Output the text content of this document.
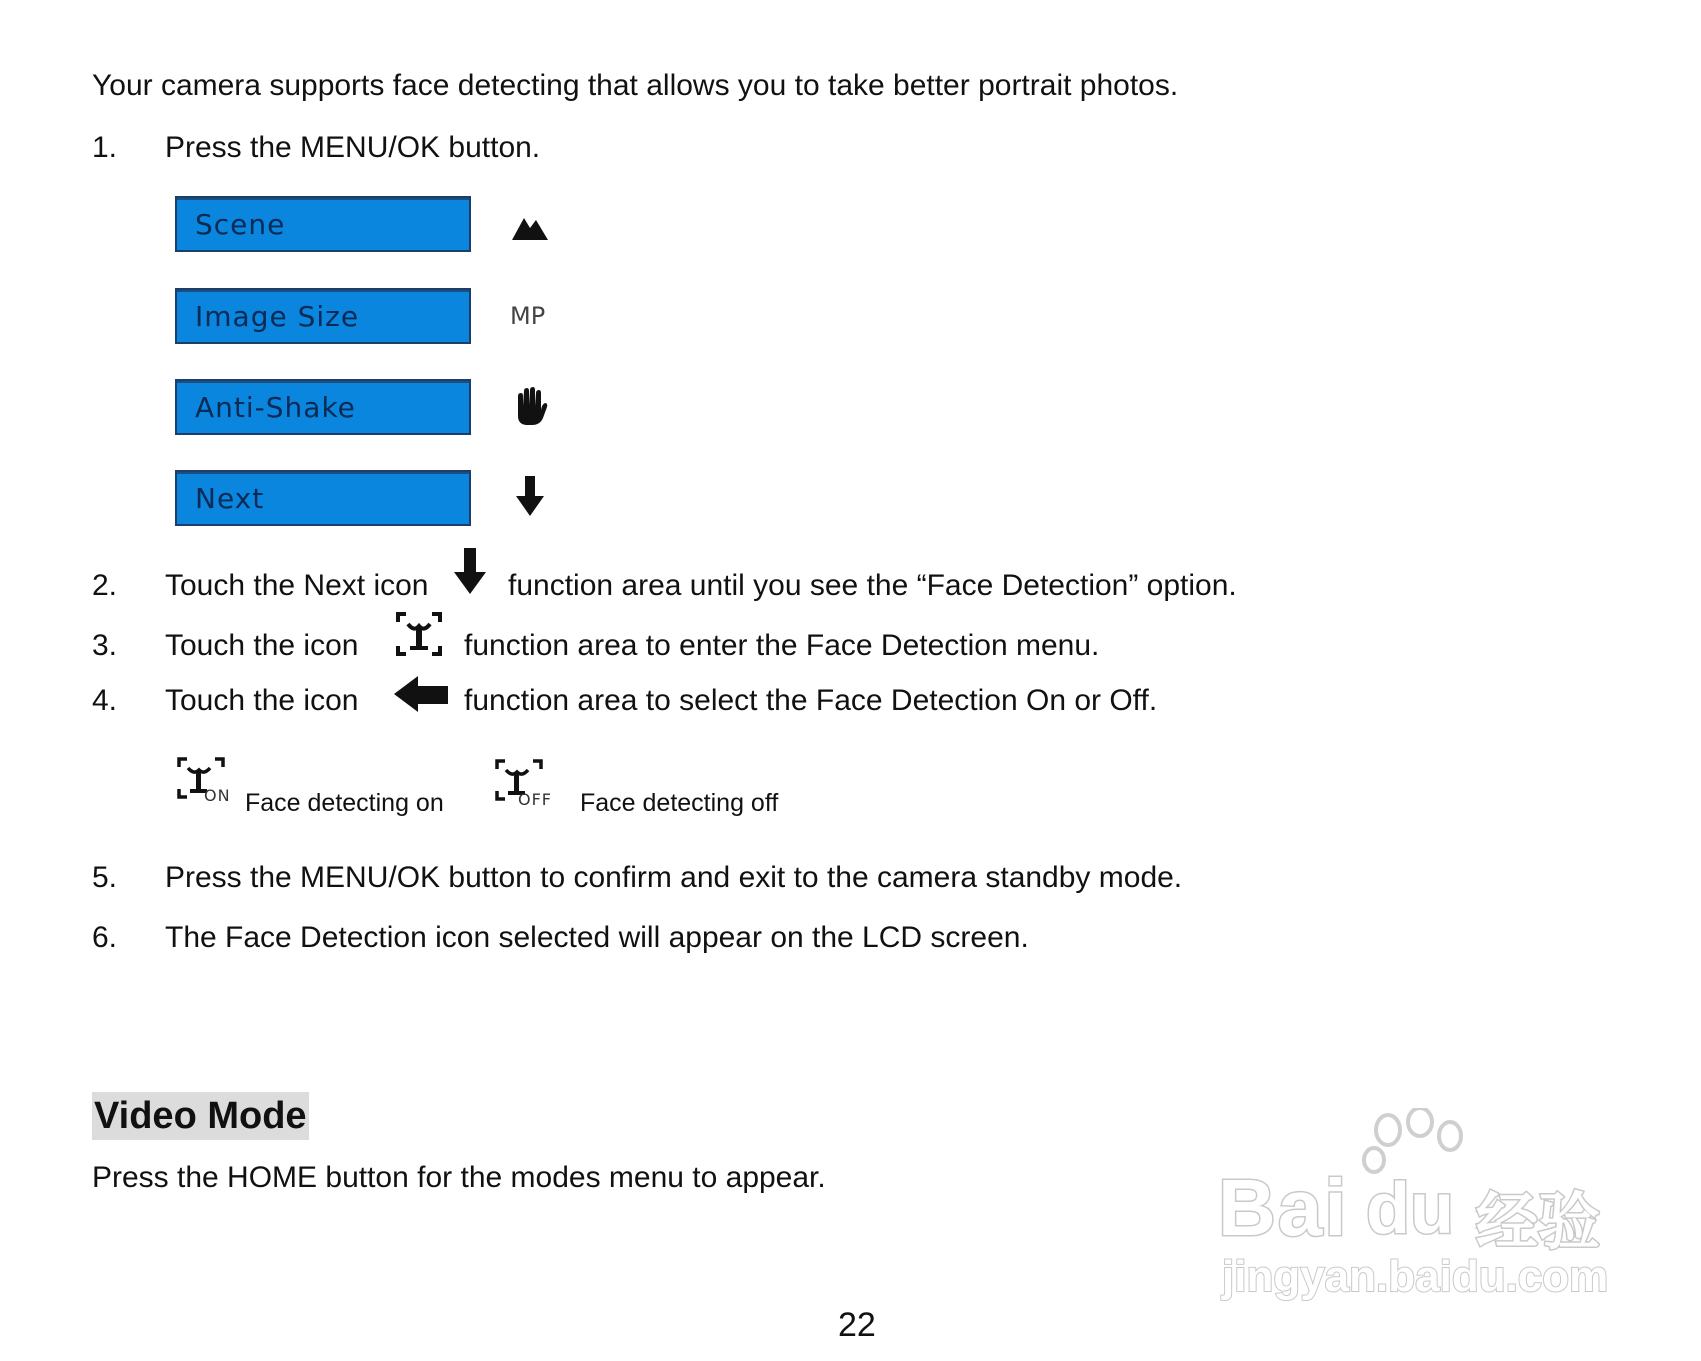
Your camera supports face detecting that allows you to take better portrait photos.
1. Press the MENU/OK button.
Scene
Image Size	MP
Anti-Shake
Next
2. Touch the Next icon	function area until you see the “Face Detection” option.
3. Touch the icon	function area to enter the Face Detection menu.
4. Touch the icon	function area to select the Face Detection On or Off.
ON Face detecting on	OFF Face detecting off
5. Press the MENU/OK button to confirm and exit to the camera standby mode.
6. The Face Detection icon selected will appear on the LCD screen.
Video Mode
Press the HOME button for the modes menu to appear.
22
Bai du 经验
jingyan.baidu.com
